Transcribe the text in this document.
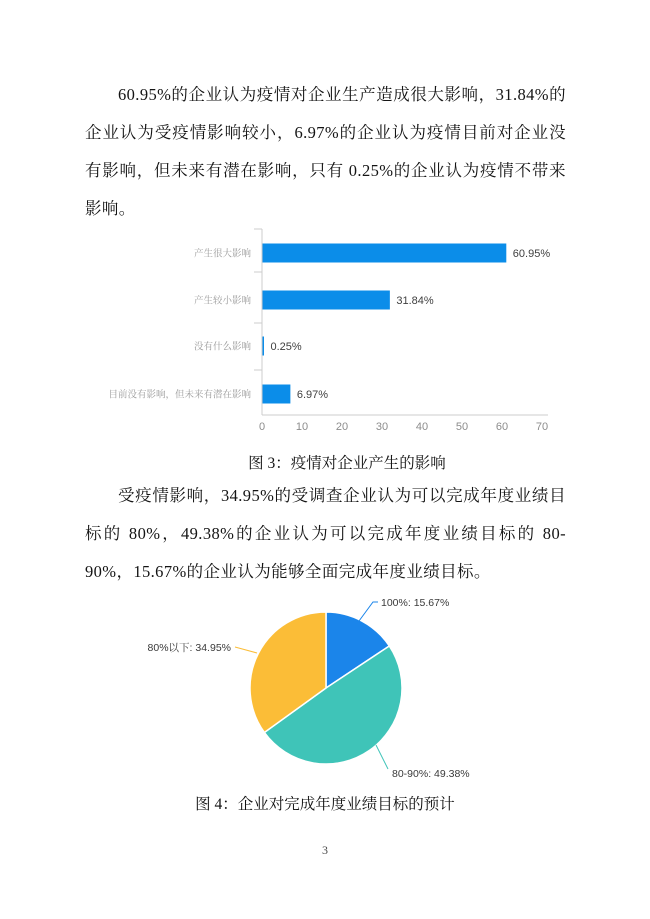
60.95%的企业认为疫情对企业生产造成很大影响，31.84%的企业认为受疫情影响较小，6.97%的企业认为疫情目前对企业没有影响，但未来有潜在影响，只有 0.25%的企业认为疫情不带来影响。

60.95%
产生很大影响
31.84%
产生较小影响
0.25%
没有什么影响
6.97%
目前没有影响，但未来有潜在影响
0	10	20	30	40	50	60	70
图 3：疫情对企业产生的影响

受疫情影响，34.95%的受调查企业认为可以完成年度业绩目标的 80%，49.38%的企业认为可以完成年度业绩目标的 80-90%，15.67%的企业认为能够全面完成年度业绩目标。

100%: 15.67%
80-90%: 49.38%
80%以下: 34.95%
图 4：企业对完成年度业绩目标的预计
3
